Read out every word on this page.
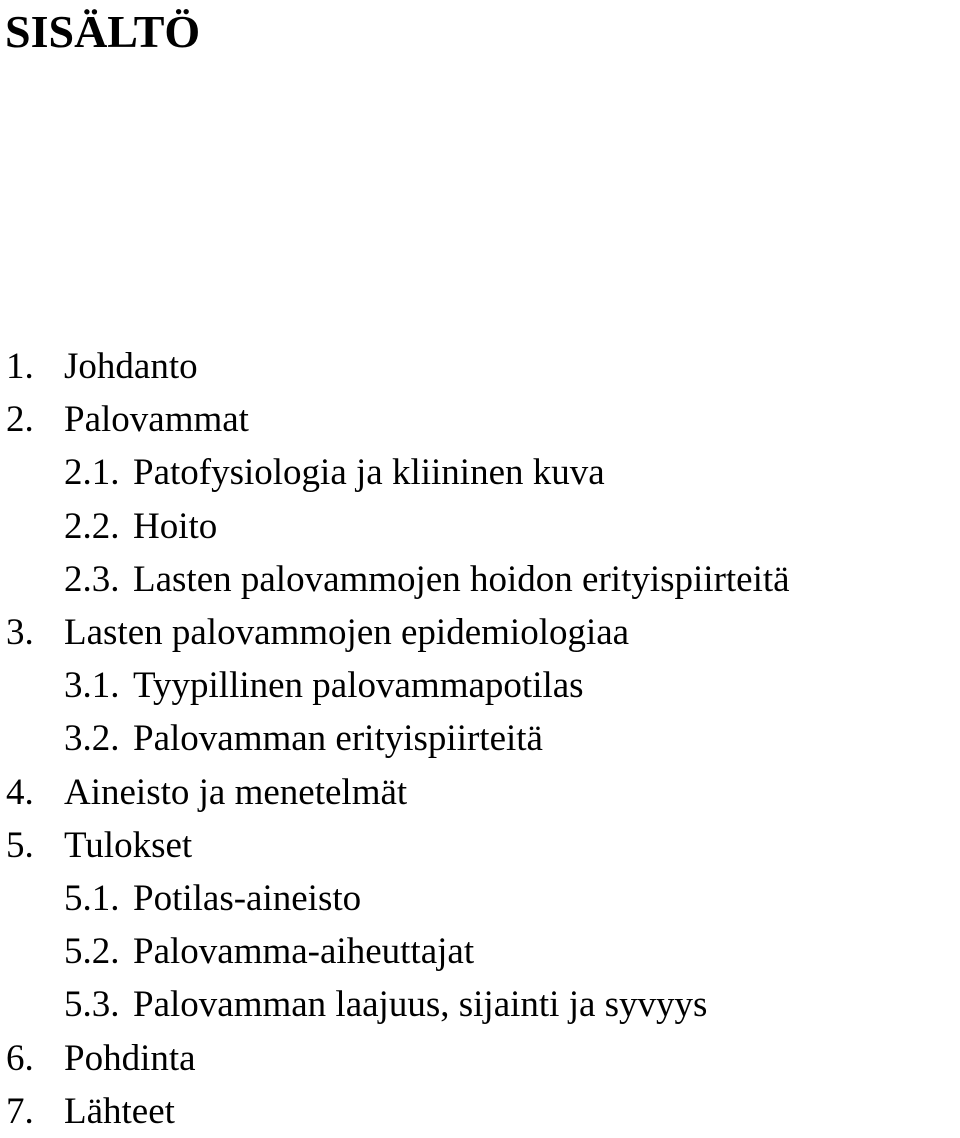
SISÄLTÖ
1. Johdanto
2. Palovammat
2.1. Patofysiologia ja kliininen kuva
2.2. Hoito
2.3. Lasten palovammojen hoidon erityispiirteitä
3. Lasten palovammojen epidemiologiaa
3.1. Tyypillinen palovammapotilas
3.2. Palovamman erityispiirteitä
4. Aineisto ja menetelmät
5. Tulokset
5.1. Potilas-aineisto
5.2. Palovamma-aiheuttajat
5.3. Palovamman laajuus, sijainti ja syvyys
6. Pohdinta
7. Lähteet
